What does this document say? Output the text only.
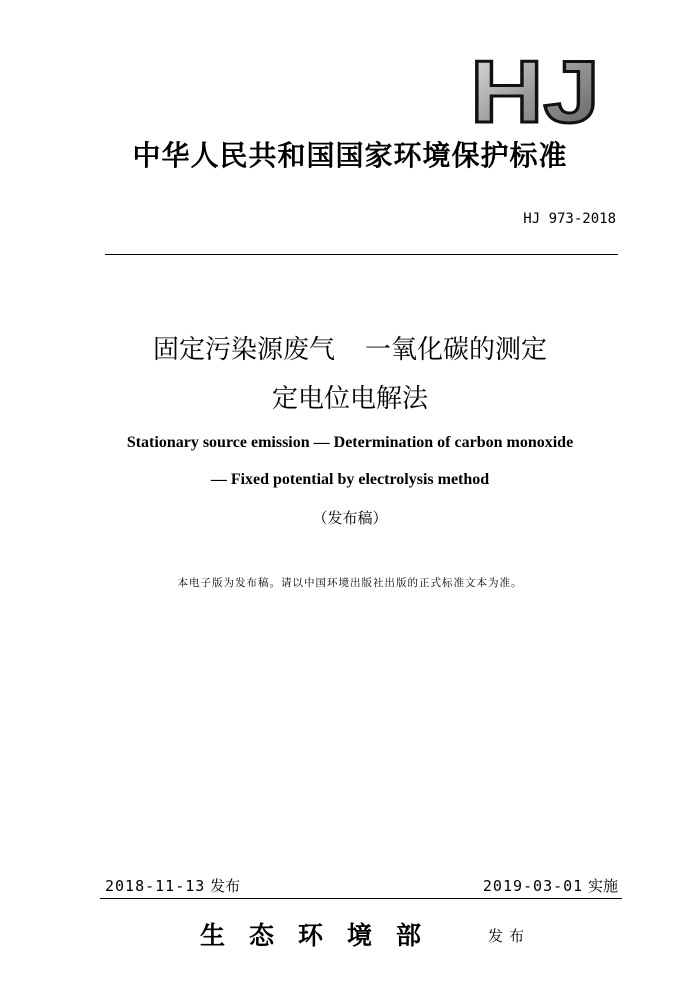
HJ
中华人民共和国国家环境保护标准
HJ 973-2018
固定污染源废气 一氧化碳的测定
定电位电解法
Stationary source emission — Determination of carbon monoxide
— Fixed potential by electrolysis method
（发布稿）
本电子版为发布稿。请以中国环境出版社出版的正式标准文本为准。
2018-11-13 发布	2019-03-01 实施
生态环境部	发布
